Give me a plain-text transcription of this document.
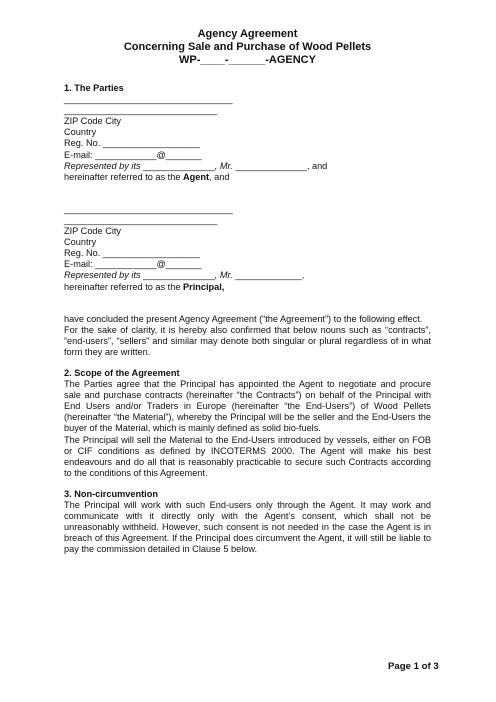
Agency Agreement
Concerning Sale and Purchase of Wood Pellets
WP-____-______-AGENCY
1. The Parties
_________________________________
______________________________
ZIP Code City
Country
Reg. No. ___________________
E-mail: ____________@_______
Represented by its ______________, Mr. ______________, and
hereinafter referred to as the Agent, and
_________________________________
______________________________
ZIP Code City
Country
Reg. No. ___________________
E-mail: ____________@_______
Represented by its ______________, Mr. _____________,
hereinafter referred to as the Principal,
have concluded the present Agency Agreement (“the Agreement”) to the following effect.
For the sake of clarity, it is hereby also confirmed that below nouns such as “contracts”, “end-users”, “sellers” and similar may denote both singular or plural regardless of in what form they are written.
2. Scope of the Agreement
The Parties agree that the Principal has appointed the Agent to negotiate and procure sale and purchase contracts (hereinafter “the Contracts”) on behalf of the Principal with End Users and/or Traders in Europe (hereinafter “the End-Users”) of Wood Pellets (hereinafter “the Material”), whereby the Principal will be the seller and the End-Users the buyer of the Material, which is mainly defined as solid bio-fuels.
The Principal will sell the Material to the End-Users introduced by vessels, either on FOB or CIF conditions as defined by INCOTERMS 2000. The Agent will make his best endeavours and do all that is reasonably practicable to secure such Contracts according to the conditions of this Agreement.
3. Non-circumvention
The Principal will work with such End-users only through the Agent. It may work and communicate with it directly only with the Agent’s consent, which shall not be unreasonably withheld. However, such consent is not needed in the case the Agent is in breach of this Agreement. If the Principal does circumvent the Agent, it will still be liable to pay the commission detailed in Clause 5 below.
Page 1 of 3
